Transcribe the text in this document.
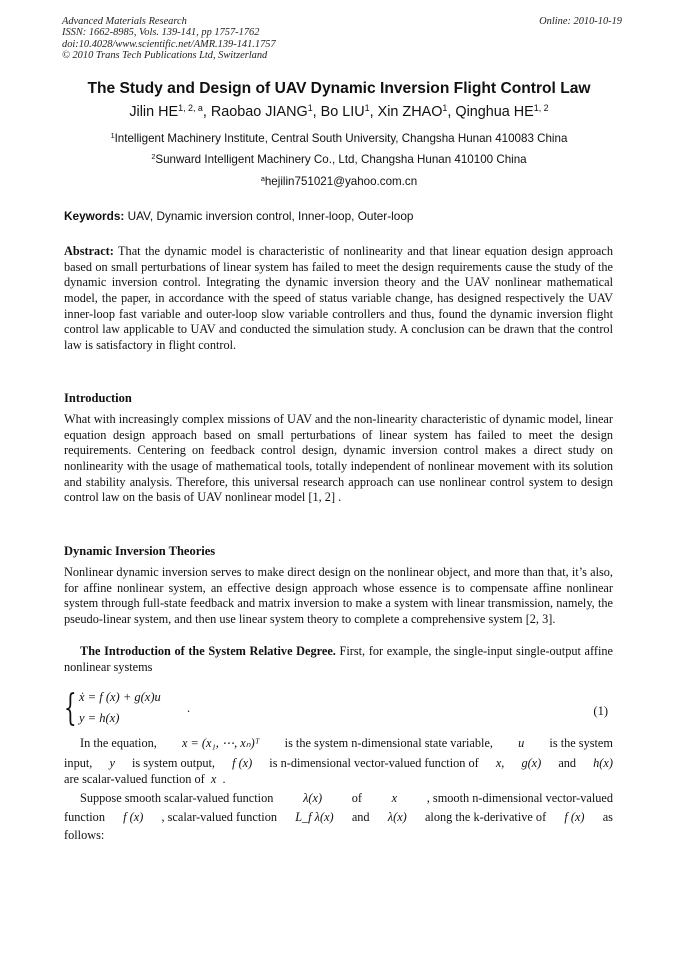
Advanced Materials Research
ISSN: 1662-8985, Vols. 139-141, pp 1757-1762
doi:10.4028/www.scientific.net/AMR.139-141.1757
© 2010 Trans Tech Publications Ltd, Switzerland
Online: 2010-10-19
The Study and Design of UAV Dynamic Inversion Flight Control Law
Jilin HE$^{1, 2, a}$, Raobao JIANG$^1$, Bo LIU$^1$, Xin ZHAO$^1$, Qinghua HE$^{1, 2}$
$^1$Intelligent Machinery Institute, Central South University, Changsha Hunan 410083 China
$^2$Sunward Intelligent Machinery Co., Ltd, Changsha Hunan 410100 China
$^a$hejilin751021@yahoo.com.cn
Keywords: UAV, Dynamic inversion control, Inner-loop, Outer-loop
Abstract: That the dynamic model is characteristic of nonlinearity and that linear equation design approach based on small perturbations of linear system has failed to meet the design requirements cause the study of the dynamic inversion control. Integrating the dynamic inversion theory and the UAV nonlinear mathematical model, the paper, in accordance with the speed of status variable change, has designed respectively the UAV inner-loop fast variable and outer-loop slow variable controllers and thus, found the dynamic inversion flight control law applicable to UAV and conducted the simulation study. A conclusion can be drawn that the control law is satisfactory in flight control.
Introduction
What with increasingly complex missions of UAV and the non-linearity characteristic of dynamic model, linear equation design approach based on small perturbations of linear system has failed to meet the design requirements. Centering on feedback control design, dynamic inversion control makes a direct study on nonlinearity with the usage of mathematical tools, totally independent of nonlinear movement with its solution and stability analysis. Therefore, this universal research approach can use nonlinear control system to design control law on the basis of UAV nonlinear model [1, 2] .
Dynamic Inversion Theories
Nonlinear dynamic inversion serves to make direct design on the nonlinear object, and more than that, it’s also, for affine nonlinear system, an effective design approach whose essence is to compensate affine nonlinear system through full-state feedback and matrix inversion to make a system with linear transmission, namely, the pseudo-linear system, and then use linear system theory to complete a comprehensive system [2, 3].
The Introduction of the System Relative Degree. First, for example, the single-input single-output affine nonlinear systems
{ ẋ = f (x) + g(x)u
y = h(x)
.	(1)
In the equation, x = (x₁, ⋯, xₙ)ᵀ is the system n-dimensional state variable, u is the system
input, y is system output, f (x) is n-dimensional vector-valued function of x, g(x) and h(x)
are scalar-valued function of x .
Suppose smooth scalar-valued function λ(x) of x , smooth n-dimensional vector-valued
function f (x) , scalar-valued function L_f λ(x) and λ(x) along the k-derivative of f (x) as
follows:
